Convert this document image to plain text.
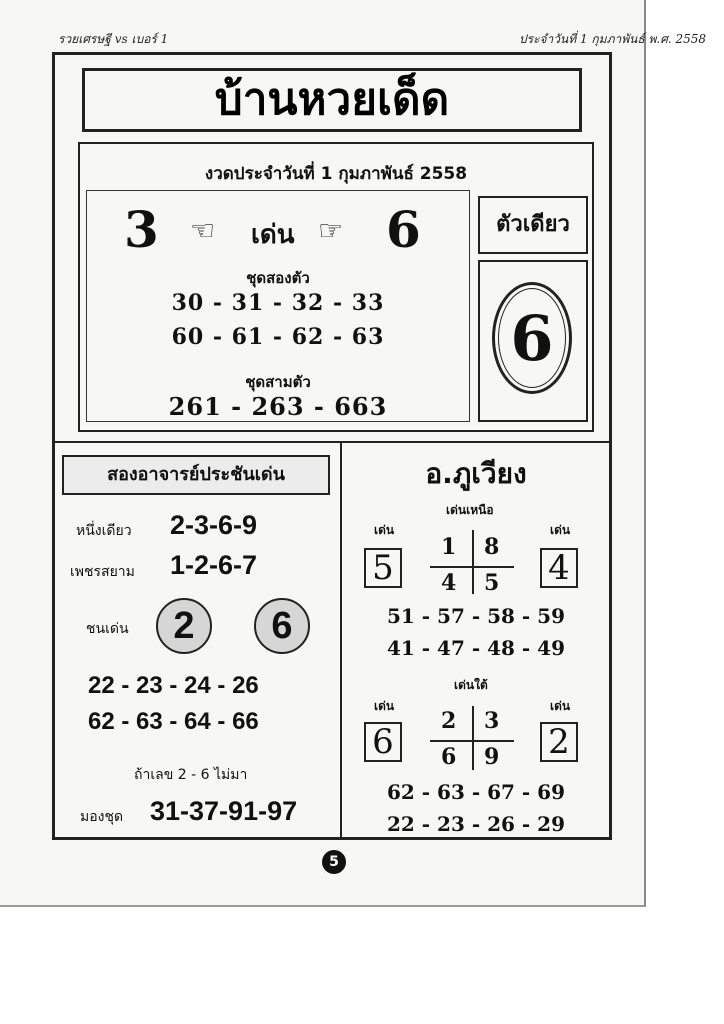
รวยเศรษฐี vs เบอร์ 1	ประจำวันที่ 1 กุมภาพันธ์ พ.ศ. 2558
บ้านหวยเด็ด
งวดประจำวันที่ 1 กุมภาพันธ์ 2558
3 ☜ เด่น ☞ 6
ชุดสองตัว
30 - 31 - 32 - 33
60 - 61 - 62 - 63
ชุดสามตัว
261 - 263 - 663
ตัวเดียว
6
สองอาจารย์ประชันเด่น
หนึ่งเดียว 2-3-6-9
เพชรสยาม 1-2-6-7
ชนเด่น	2	6
22 - 23 - 24 - 26
62 - 63 - 64 - 66
ถ้าเลข 2 - 6 ไม่มา
มองชุด 31-37-91-97
อ.ภูเวียง
เด่นเหนือ
เด่น	เด่น
5	4
1 8
4 5
51 - 57 - 58 - 59
41 - 47 - 48 - 49
เด่นใต้
เด่น	เด่น
6	2
2 3
6 9
62 - 63 - 67 - 69
22 - 23 - 26 - 29
5
